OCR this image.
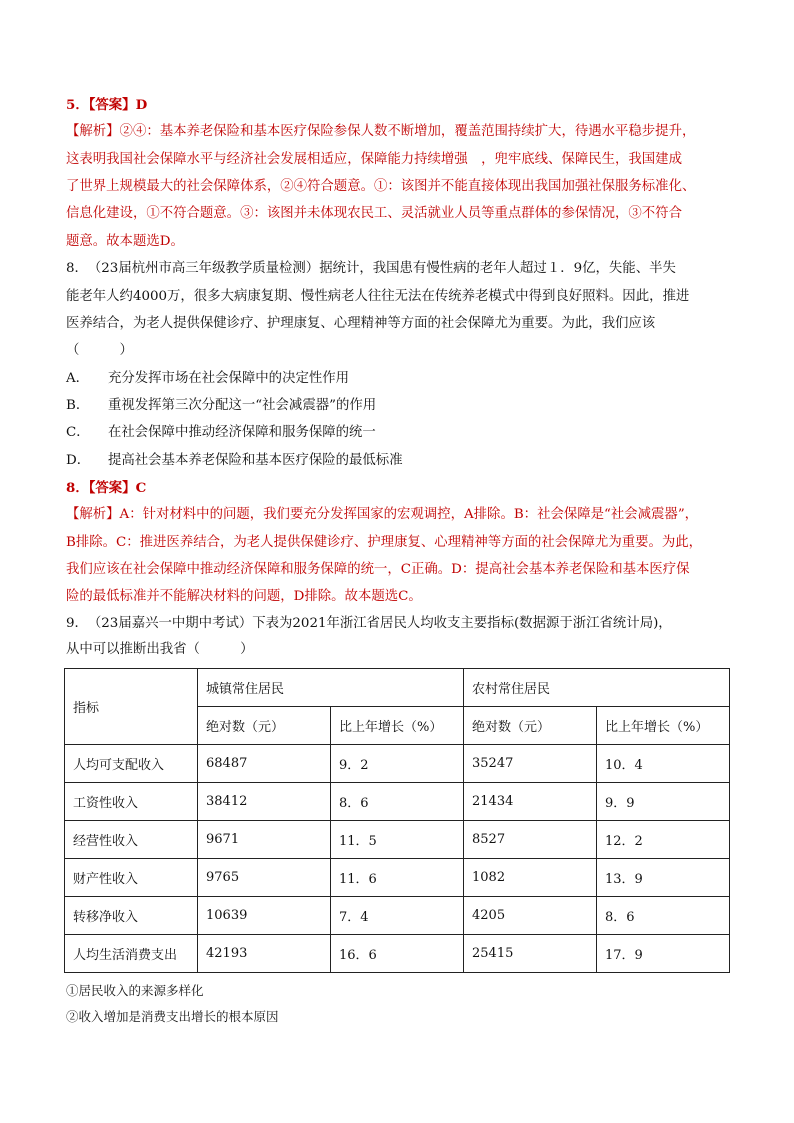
5．【答案】D
【解析】②④：基本养老保险和基本医疗保险参保人数不断增加，覆盖范围持续扩大，待遇水平稳步提升，
这表明我国社会保障水平与经济社会发展相适应，保障能力持续增强　，兜牢底线、保障民生，我国建成
了世界上规模最大的社会保障体系，②④符合题意。①：该图并不能直接体现出我国加强社保服务标准化、
信息化建设，①不符合题意。③：该图并未体现农民工、灵活就业人员等重点群体的参保情况，③不符合
题意。故本题选D。
8．　（23届杭州市高三年级教学质量检测）据统计，我国患有慢性病的老年人超过１．9亿，失能、半失
能老年人约4000万，很多大病康复期、慢性病老人往往无法在传统养老模式中得到良好照料。因此，推进
医养结合，为老人提供保健诊疗、护理康复、心理精神等方面的社会保障尤为重要。为此，我们应该
（　　　）
A． 充分发挥市场在社会保障中的决定性作用
B． 重视发挥第三次分配这一“社会减震器”的作用
C． 在社会保障中推动经济保障和服务保障的统一
D． 提高社会基本养老保险和基本医疗保险的最低标准
8．【答案】C
【解析】A：针对材料中的问题，我们要充分发挥国家的宏观调控，A排除。B：社会保障是“社会减震器”，
B排除。C：推进医养结合，为老人提供保健诊疗、护理康复、心理精神等方面的社会保障尤为重要。为此，
我们应该在社会保障中推动经济保障和服务保障的统一，C正确。D：提高社会基本养老保险和基本医疗保
险的最低标准并不能解决材料的问题，D排除。故本题选C。
9．　（23届嘉兴一中期中考试）下表为2021年浙江省居民人均收支主要指标(数据源于浙江省统计局)，
从中可以推断出我省（　　　）
指标	城镇常住居民		农村常住居民	
	绝对数（元）	比上年增长（%）	绝对数（元）	比上年增长（%）
人均可支配收入	68487	9．2	35247	10．4
工资性收入	38412	8．6	21434	9．9
经营性收入	9671	11．5	8527	12．2
财产性收入	9765	11．6	1082	13．9
转移净收入	10639	7．4	4205	8．6
人均生活消费支出	42193	16．6	25415	17．9
①居民收入的来源多样化
②收入增加是消费支出增长的根本原因
